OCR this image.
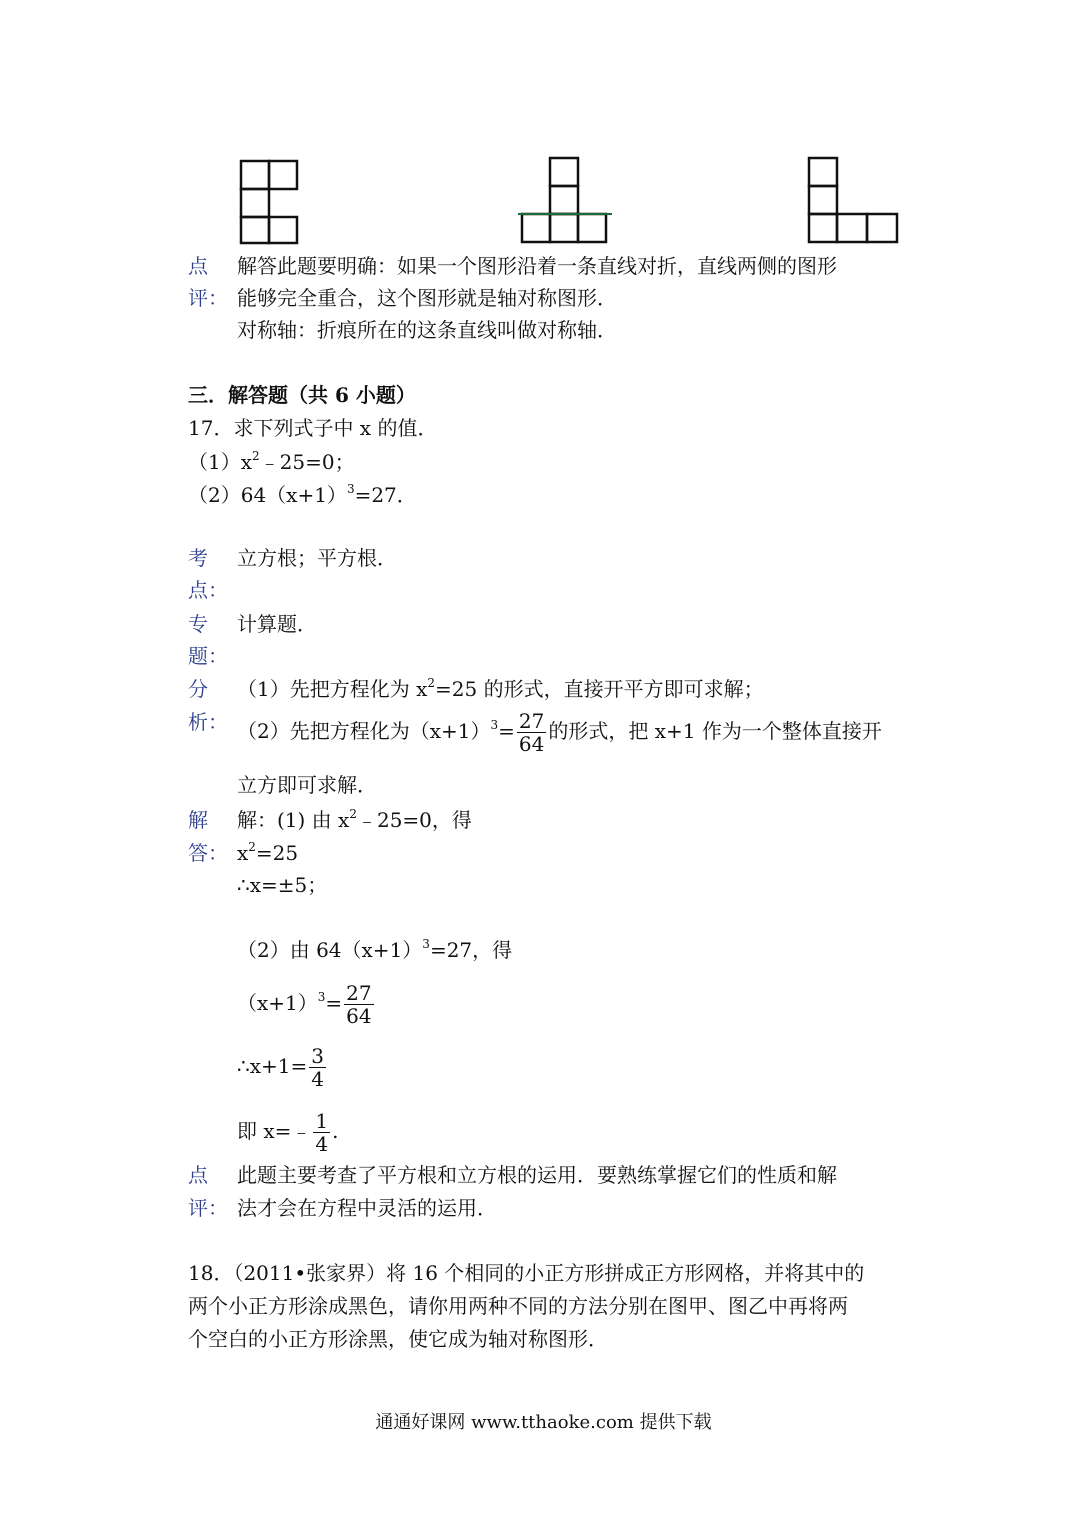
点
评：
解答此题要明确：如果一个图形沿着一条直线对折，直线两侧的图形
能够完全重合，这个图形就是轴对称图形．
对称轴：折痕所在的这条直线叫做对称轴．
三．解答题（共 6 小题）
17．求下列式子中 x 的值．
$(1)x^2﹣25=0$；
$(2)64(x+1)^3=27$．
考
点：
立方根；平方根．
专
题：
计算题．
分
析：
（1）先把方程化为 $x^2=25$ 的形式，直接开平方即可求解；
（2）先把方程化为$(x+1)^3= \frac{27}{64}$ 的形式，把 x+1 作为一个整体直接开
立方即可求解．
解
答：
解：(1) 由 $x^2﹣25=0$，得
$x^2=25$
∴x=±5；
（2）由 $64(x+1)^3=27$，得
$(x+1)^3= \frac{27}{64}$
∴x+1= $\frac{3}{4}$
即 x=﹣ $\frac{1}{4}$ .
点
评：
此题主要考查了平方根和立方根的运用．要熟练掌握它们的性质和解
法才会在方程中灵活的运用．
18．（2011•张家界）将 16 个相同的小正方形拼成正方形网格，并将其中的
两个小正方形涂成黑色，请你用两种不同的方法分别在图甲、图乙中再将两
个空白的小正方形涂黑，使它成为轴对称图形．
通通好课网 www.tthaoke.com 提供下载
